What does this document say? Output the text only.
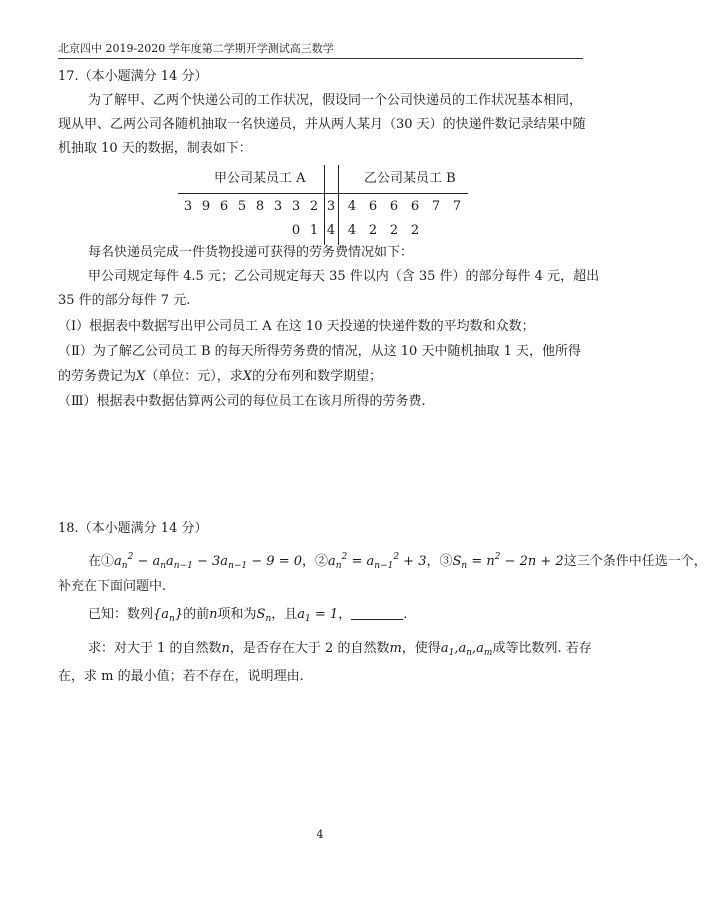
北京四中 2019-2020 学年度第二学期开学测试高三数学
17.（本小题满分 14 分）
为了解甲、乙两个快递公司的工作状况，假设同一个公司快递员的工作状况基本相同，
现从甲、乙两公司各随机抽取一名快递员，并从两人某月（30 天）的快递件数记录结果中随
机抽取 10 天的数据，制表如下：
甲公司某员工 A	乙公司某员工 B
3 9 6 5 8 3 3 2 3 4 6 6 6 7 7
0 1 4 4 2 2 2
每名快递员完成一件货物投递可获得的劳务费情况如下：
甲公司规定每件 4.5 元；乙公司规定每天 35 件以内（含 35 件）的部分每件 4 元，超出
35 件的部分每件 7 元.
（Ⅰ）根据表中数据写出甲公司员工 A 在这 10 天投递的快递件数的平均数和众数；
（Ⅱ）为了解乙公司员工 B 的每天所得劳务费的情况，从这 10 天中随机抽取 1 天，他所得
的劳务费记为X（单位：元），求X的分布列和数学期望；
（Ⅲ）根据表中数据估算两公司的每位员工在该月所得的劳务费.
18.（本小题满分 14 分）
在$①a_n^2 - a_na_{n-1} - 3a_{n-1} - 9 = 0$，$②a_n^2 = a_{n-1}^2 + 3$，$③S_n = n^2 - 2n + 2$这三个条件中任选一个，
补充在下面问题中.
已知：数列$\{a_n\}$的前n项和为$S_n$，且$a_1 = 1$，	.
求：对大于 1 的自然数n，是否存在大于 2 的自然数m，使得$a_1,a_n,a_m$成等比数列. 若存
在，求 m 的最小值；若不存在，说明理由.
4
